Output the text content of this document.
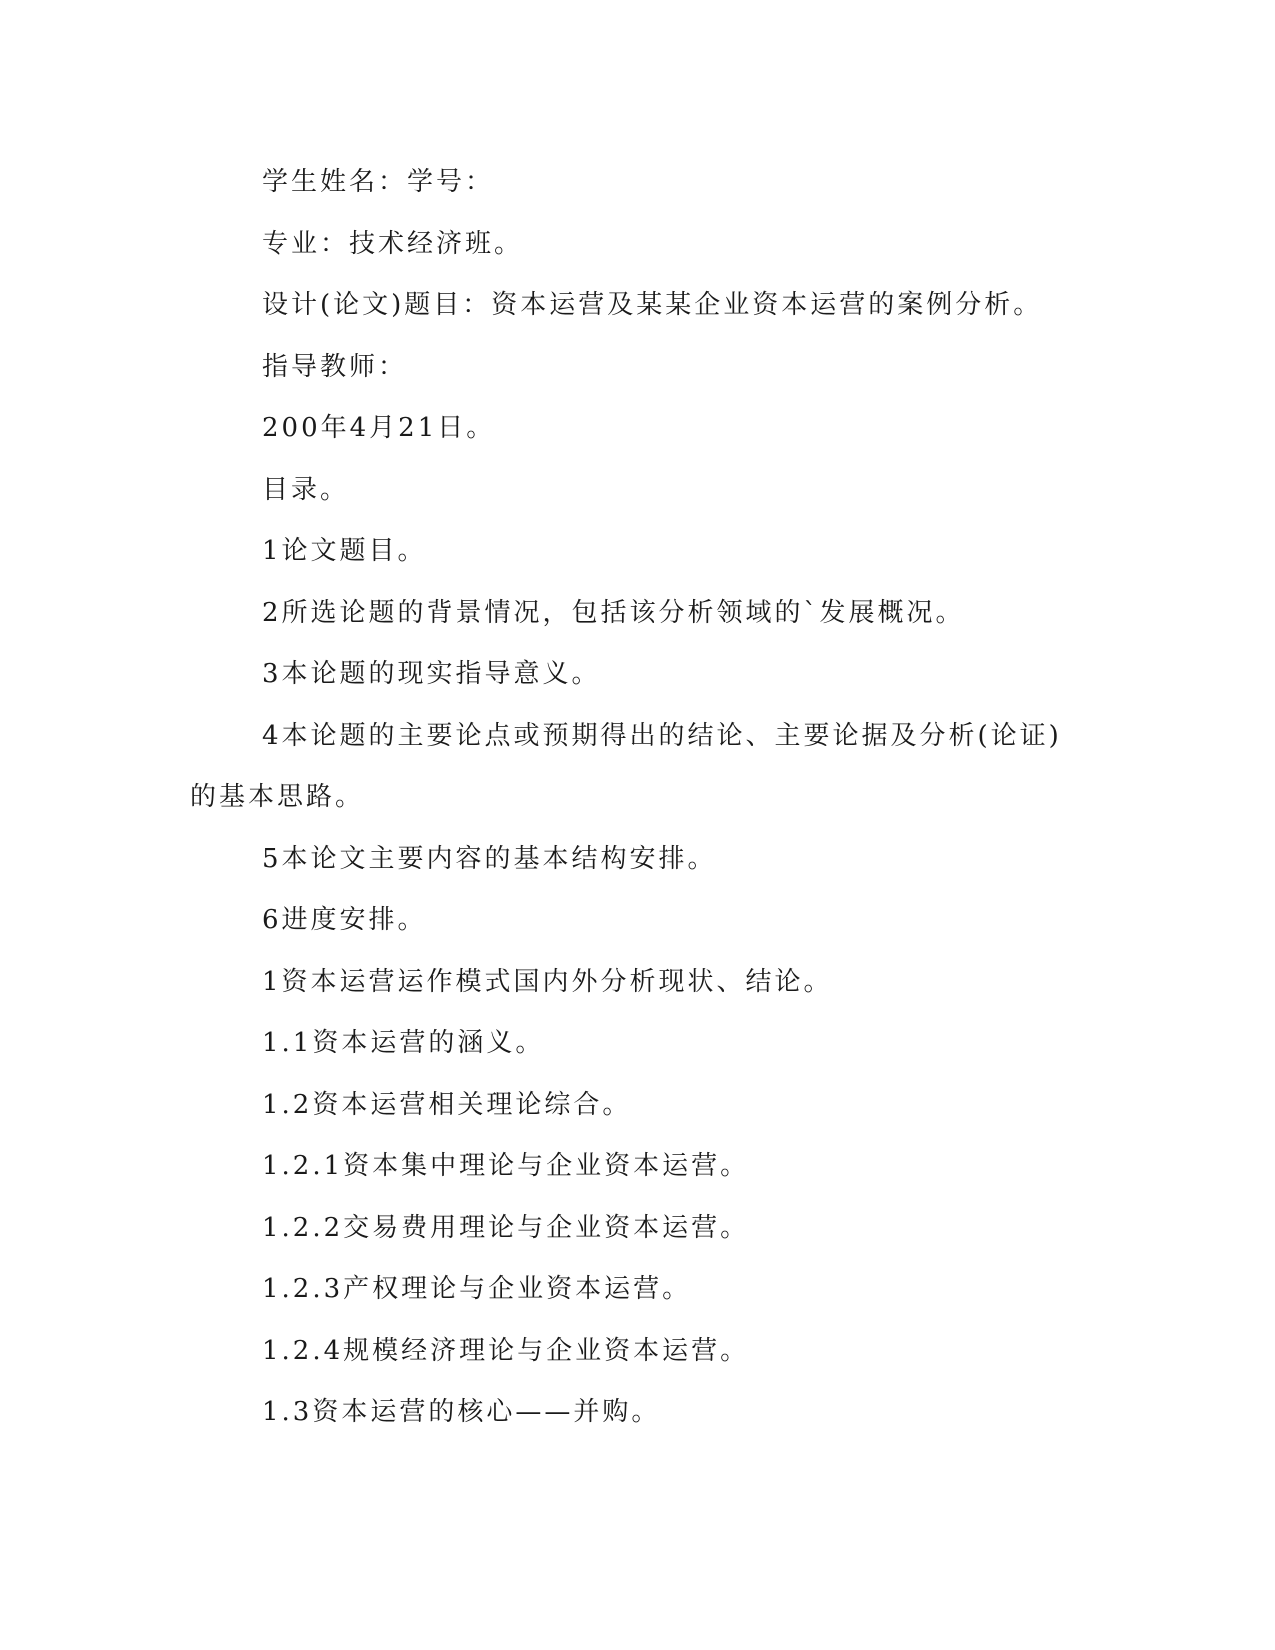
学生姓名：学号：
专业：技术经济班。
设计(论文)题目：资本运营及某某企业资本运营的案例分析。
指导教师：
200年4月21日。
目录。
1论文题目。
2所选论题的背景情况，包括该分析领域的`发展概况。
3本论题的现实指导意义。
4本论题的主要论点或预期得出的结论、主要论据及分析(论证)
的基本思路。
5本论文主要内容的基本结构安排。
6进度安排。
1资本运营运作模式国内外分析现状、结论。
1.1资本运营的涵义。
1.2资本运营相关理论综合。
1.2.1资本集中理论与企业资本运营。
1.2.2交易费用理论与企业资本运营。
1.2.3产权理论与企业资本运营。
1.2.4规模经济理论与企业资本运营。
1.3资本运营的核心——并购。
